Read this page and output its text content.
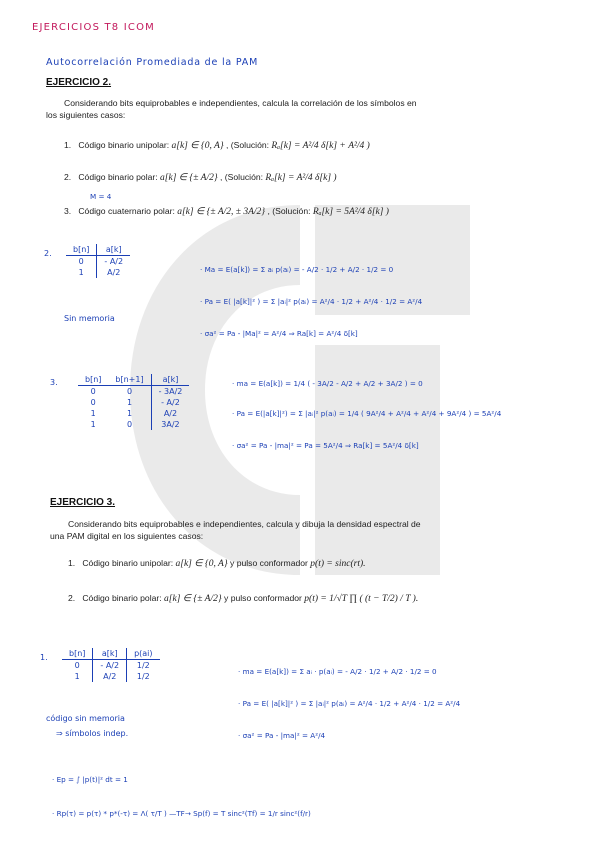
EJERCICIOS T8 ICOM
Autocorrelación Promediada de la PAM
EJERCICIO 2.
Considerando bits equiprobables e independientes, calcula la correlación de los símbolos en
los siguientes casos:
1. Código binario unipolar: a[k] ∈ {0, A} , (Solución: Rₐ[k] = A²/4 δ[k] + A²/4 )
2. Código binario polar: a[k] ∈ {± A/2} , (Solución: Rₐ[k] = A²/4 δ[k] )
M = 4
3. Código cuaternario polar: a[k] ∈ {± A/2, ± 3A/2} , (Solución: Rₐ[k] = 5A²/4 δ[k] )
2.	b[n]	a[k]
0	- A/2
1	A/2
Sin memoria
· Ma = E(a[k]) = Σ aᵢ p(aᵢ) = - A/2 · 1/2 + A/2 · 1/2 = 0
· Pa = E( |a[k]|² ) = Σ |aᵢ|² p(aᵢ) = A²/4 · 1/2 + A²/4 · 1/2 = A²/4
· σa² = Pa - |Ma|² = A²/4 ⇒ Ra[k] = A²/4 δ[k]
3.	b[n]	b[n+1]	a[k]
0	0	- 3A/2
0	1	- A/2
1	1	A/2
1	0	3A/2
· ma = E(a[k]) = 1/4 ( - 3A/2 - A/2 + A/2 + 3A/2 ) = 0
· Pa = E(|a[k]|²) = Σ |aᵢ|² p(aᵢ) = 1/4 ( 9A²/4 + A²/4 + A²/4 + 9A²/4 ) = 5A²/4
· σa² = Pa - |ma|² = Pa = 5A²/4 ⇒ Ra[k] = 5A²/4 δ[k]
EJERCICIO 3.
Considerando bits equiprobables e independientes, calcula y dibuja la densidad espectral de
una PAM digital en los siguientes casos:
1. Código binario unipolar: a[k] ∈ {0, A} y pulso conformador p(t) = sinc(rt).
2. Código binario polar: a[k] ∈ {± A/2} y pulso conformador p(t) = 1/√T ∏ ( (t − T/2) / T ).
1.	b[n]	a[k]	p(ai)
0	- A/2	1/2
1	A/2	1/2
código sin memoria
⇒ símbolos indep.
· ma = E(a[k]) = Σ aᵢ · p(aᵢ) = - A/2 · 1/2 + A/2 · 1/2 = 0
· Pa = E( |a[k]|² ) = Σ |aᵢ|² p(aᵢ) = A²/4 · 1/2 + A²/4 · 1/2 = A²/4
· σa² = Pa - |ma|² = A²/4
· Ep = ∫ |p(t)|² dt = 1
· Rp(τ) = p(τ) * p*(-τ) = Λ( τ/T ) —TF→ Sp(f) = T sinc²(Tf) = 1/r sinc²(f/r)
